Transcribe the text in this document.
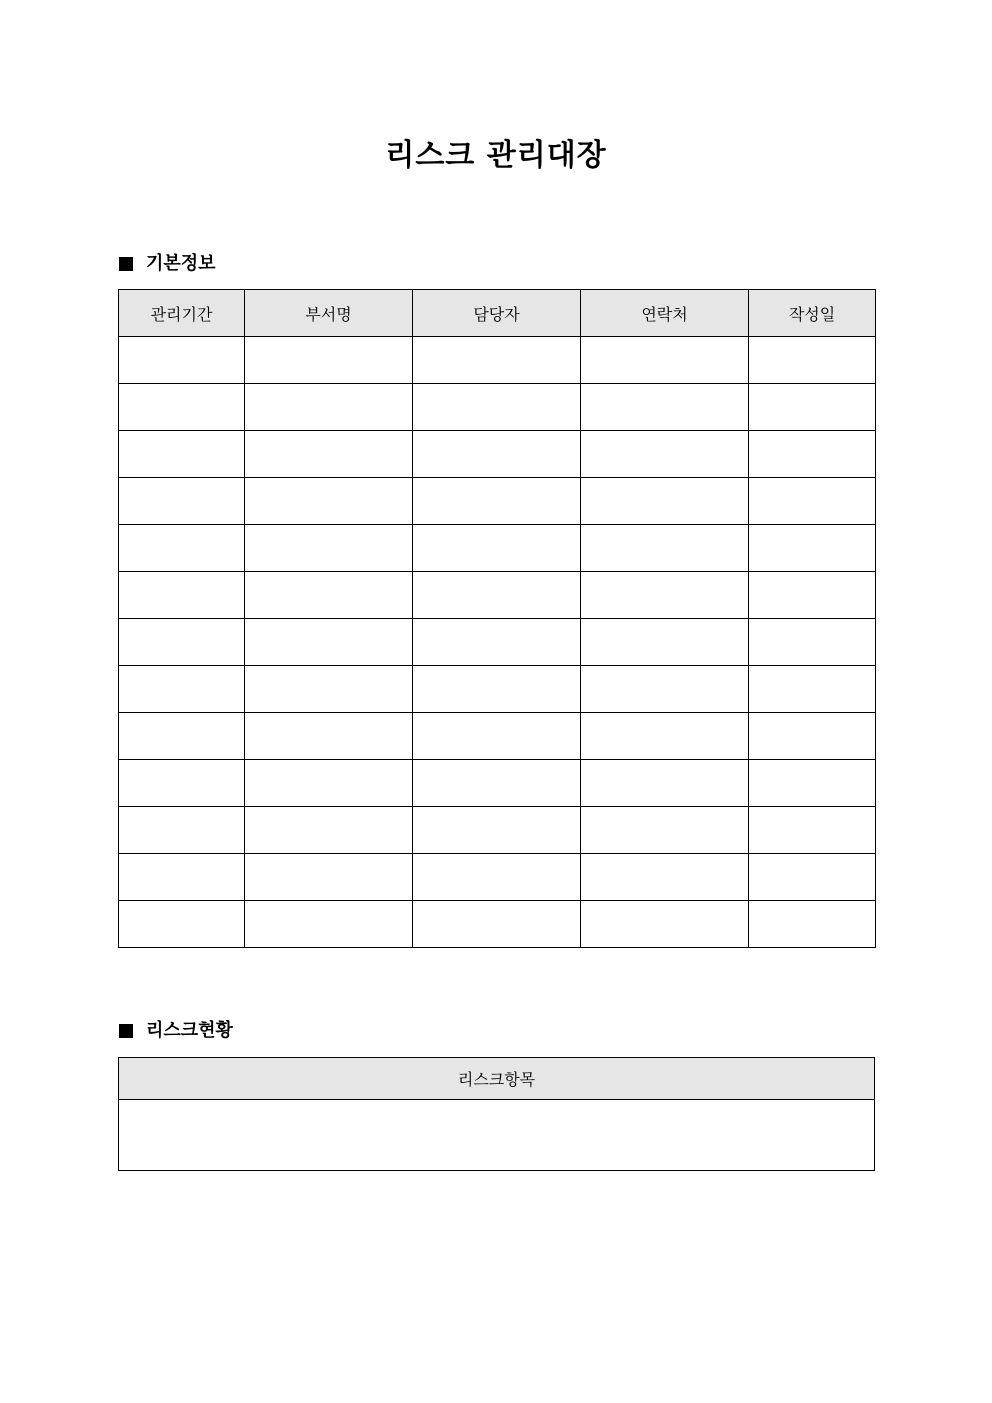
리스크 관리대장
기본정보
관리기간	부서명	담당자	연락처	작성일

리스크현황
리스크항목
